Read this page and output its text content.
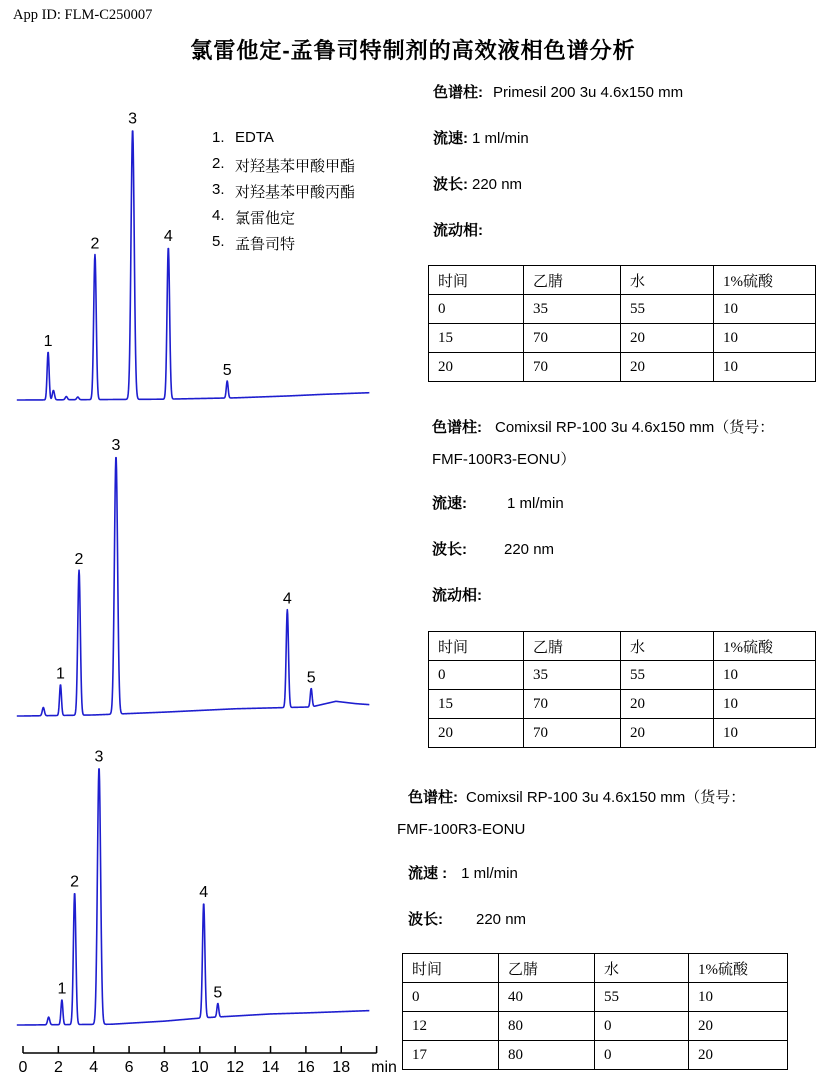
App ID: FLM-C250007
氯雷他定-孟鲁司特制剂的高效液相色谱分析
1. EDTA
2. 对羟基苯甲酸甲酯
3. 对羟基苯甲酸丙酯
4. 氯雷他定
5. 孟鲁司特
1
2
3
4
5
1
2
3
4
5
1
2
3
4
5
0 2 4 6 8 10 12 14 16 18 min
色谱柱: Primesil 200 3u 4.6x150 mm
流速: 1 ml/min
波长: 220 nm
流动相:
时间	乙腈	水	1%硫酸
0	35	55	10
15	70	20	10
20	70	20	10
色谱柱: Comixsil RP-100 3u 4.6x150 mm（货号：
FMF-100R3-EONU）
流速:	1 ml/min
波长: 220 nm
流动相:
时间	乙腈	水	1%硫酸
0	35	55	10
15	70	20	10
20	70	20	10
色谱柱: Comixsil RP-100 3u 4.6x150 mm（货号：
FMF-100R3-EONU
流速 : 1 ml/min
波长: 220 nm
时间	乙腈	水	1%硫酸
0	40	55	10
12	80	0	20
17	80	0	20
